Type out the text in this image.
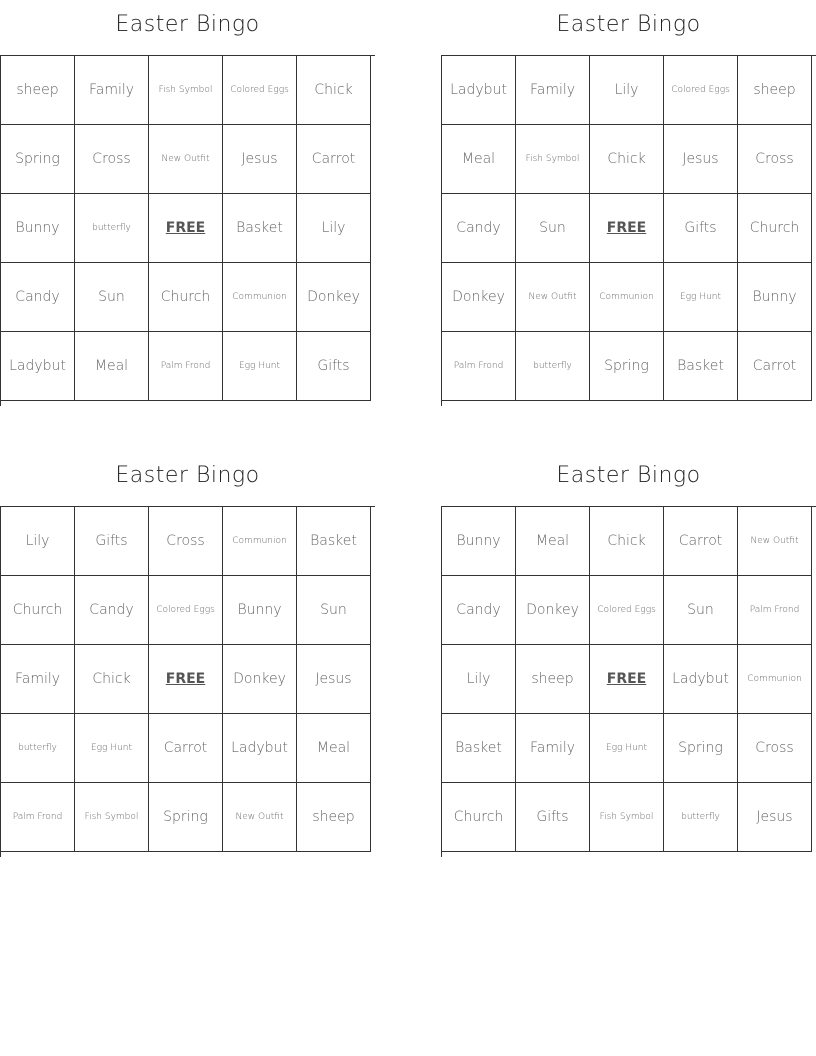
Easter Bingo
sheep	Family	Fish Symbol	Colored Eggs	Chick
Spring	Cross	New Outfit	Jesus	Carrot
Bunny	butterfly	FREE	Basket	Lily
Candy	Sun	Church	Communion	Donkey
Ladybut	Meal	Palm Frond	Egg Hunt	Gifts
Easter Bingo
Ladybut	Family	Lily	Colored Eggs	sheep
Meal	Fish Symbol	Chick	Jesus	Cross
Candy	Sun	FREE	Gifts	Church
Donkey	New Outfit	Communion	Egg Hunt	Bunny
Palm Frond	butterfly	Spring	Basket	Carrot
Easter Bingo
Lily	Gifts	Cross	Communion	Basket
Church	Candy	Colored Eggs	Bunny	Sun
Family	Chick	FREE	Donkey	Jesus
butterfly	Egg Hunt	Carrot	Ladybut	Meal
Palm Frond	Fish Symbol	Spring	New Outfit	sheep
Easter Bingo
Bunny	Meal	Chick	Carrot	New Outfit
Candy	Donkey	Colored Eggs	Sun	Palm Frond
Lily	sheep	FREE	Ladybut	Communion
Basket	Family	Egg Hunt	Spring	Cross
Church	Gifts	Fish Symbol	butterfly	Jesus
